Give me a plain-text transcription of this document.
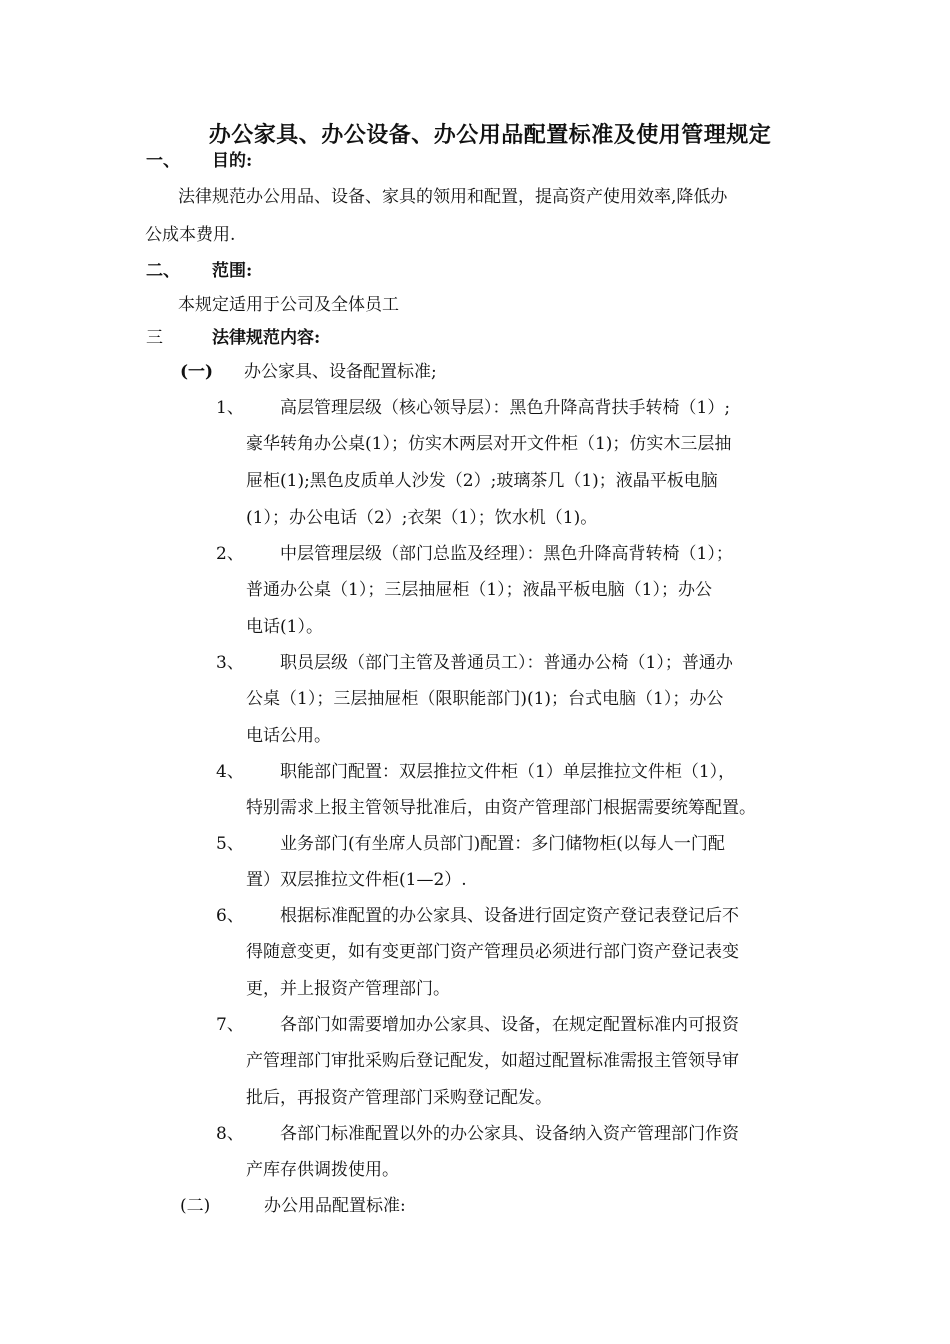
办公家具、办公设备、办公用品配置标准及使用管理规定
一、 目的:
法律规范办公用品、设备、家具的领用和配置，提高资产使用效率,降低办
公成本费用.
二、 范围:
本规定适用于公司及全体员工
三	法律规范内容:
(一) 办公家具、设备配置标准;
1、 高层管理层级（核心领导层）：黑色升降高背扶手转椅（1）;
豪华转角办公桌(1）；仿实木两层对开文件柜（1)；仿实木三层抽
屉柜(1);黑色皮质单人沙发（2）;玻璃茶几（1)；液晶平板电脑
(1）；办公电话（2）;衣架（1）；饮水机（1)。
2、 中层管理层级（部门总监及经理）：黑色升降高背转椅（1）；
普通办公桌（1）；三层抽屉柜（1）；液晶平板电脑（1）；办公
电话(1）。
3、 职员层级（部门主管及普通员工）：普通办公椅（1）；普通办
公桌（1）；三层抽屉柜（限职能部门)(1)；台式电脑（1）；办公
电话公用。
4、 职能部门配置：双层推拉文件柜（1）单层推拉文件柜（1），
特别需求上报主管领导批准后，由资产管理部门根据需要统筹配置。
5、 业务部门(有坐席人员部门)配置：多门储物柜(以每人一门配
置）双层推拉文件柜(1—2）.
6、 根据标准配置的办公家具、设备进行固定资产登记表登记后不
得随意变更，如有变更部门资产管理员必须进行部门资产登记表变
更，并上报资产管理部门。
7、 各部门如需要增加办公家具、设备，在规定配置标准内可报资
产管理部门审批采购后登记配发，如超过配置标准需报主管领导审
批后，再报资产管理部门采购登记配发。
8、 各部门标准配置以外的办公家具、设备纳入资产管理部门作资
产库存供调拨使用。
(二)	办公用品配置标准:
